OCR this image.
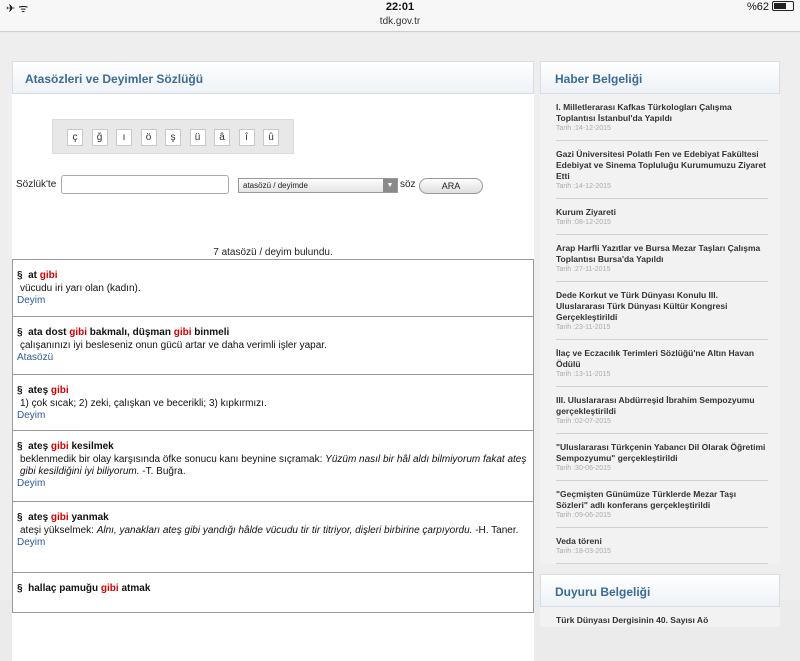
✈ ᯤ	22:01	%62
tdk.gov.tr
Atasözleri ve Deyimler Sözlüğü
ç	ğ	ı	ö	ş	ü	â	î	û
Sözlük'te	atasözü / deyimde	▼ söz	ARA
7 atasözü / deyim bulundu.
§ at gibi
vücudu iri yarı olan (kadın).
Deyim
§ ata dost gibi bakmalı, düşman gibi binmeli
çalışanınızı iyi besleseniz onun gücü artar ve daha verimli işler yapar.
Atasözü
§ ateş gibi
1) çok sıcak; 2) zeki, çalışkan ve becerikli; 3) kıpkırmızı.
Deyim
§ ateş gibi kesilmek
beklenmedik bir olay karşısında öfke sonucu kanı beynine sıçramak: Yüzüm nasıl bir hâl aldı bilmiyorum fakat ateş gibi kesildiğini iyi biliyorum. -T. Buğra.
Deyim
§ ateş gibi yanmak
ateşi yükselmek: Alnı, yanakları ateş gibi yandığı hâlde vücudu tir tir titriyor, dişleri birbirine çarpıyordu. -H. Taner.
Deyim
§ hallaç pamuğu gibi atmak
Haber Belgeliği
I. Milletlerarası Kafkas Türkologları Çalışma Toplantısı İstanbul'da Yapıldı
Tarih :14-12-2015
Gazi Üniversitesi Polatlı Fen ve Edebiyat Fakültesi Edebiyat ve Sinema Topluluğu Kurumumuzu Ziyaret Etti
Tarih :14-12-2015
Kurum Ziyareti
Tarih :08-12-2015
Arap Harfli Yazıtlar ve Bursa Mezar Taşları Çalışma Toplantısı Bursa'da Yapıldı
Tarih :27-11-2015
Dede Korkut ve Türk Dünyası Konulu III. Uluslararası Türk Dünyası Kültür Kongresi Gerçekleştirildi
Tarih :23-11-2015
İlaç ve Eczacılık Terimleri Sözlüğü'ne Altın Havan Ödülü
Tarih :13-11-2015
III. Uluslararası Abdürreşid İbrahim Sempozyumu gerçekleştirildi
Tarih :02-07-2015
"Uluslararası Türkçenin Yabancı Dil Olarak Öğretimi Sempozyumu" gerçekleştirildi
Tarih :30-06-2015
"Geçmişten Günümüze Türklerde Mezar Taşı Sözleri" adlı konferans gerçekleştirildi
Tarih :09-06-2015
Veda töreni
Tarih :18-03-2015
Duyuru Belgeliği
Türk Dünyası Dergisinin 40. Sayısı Aö
